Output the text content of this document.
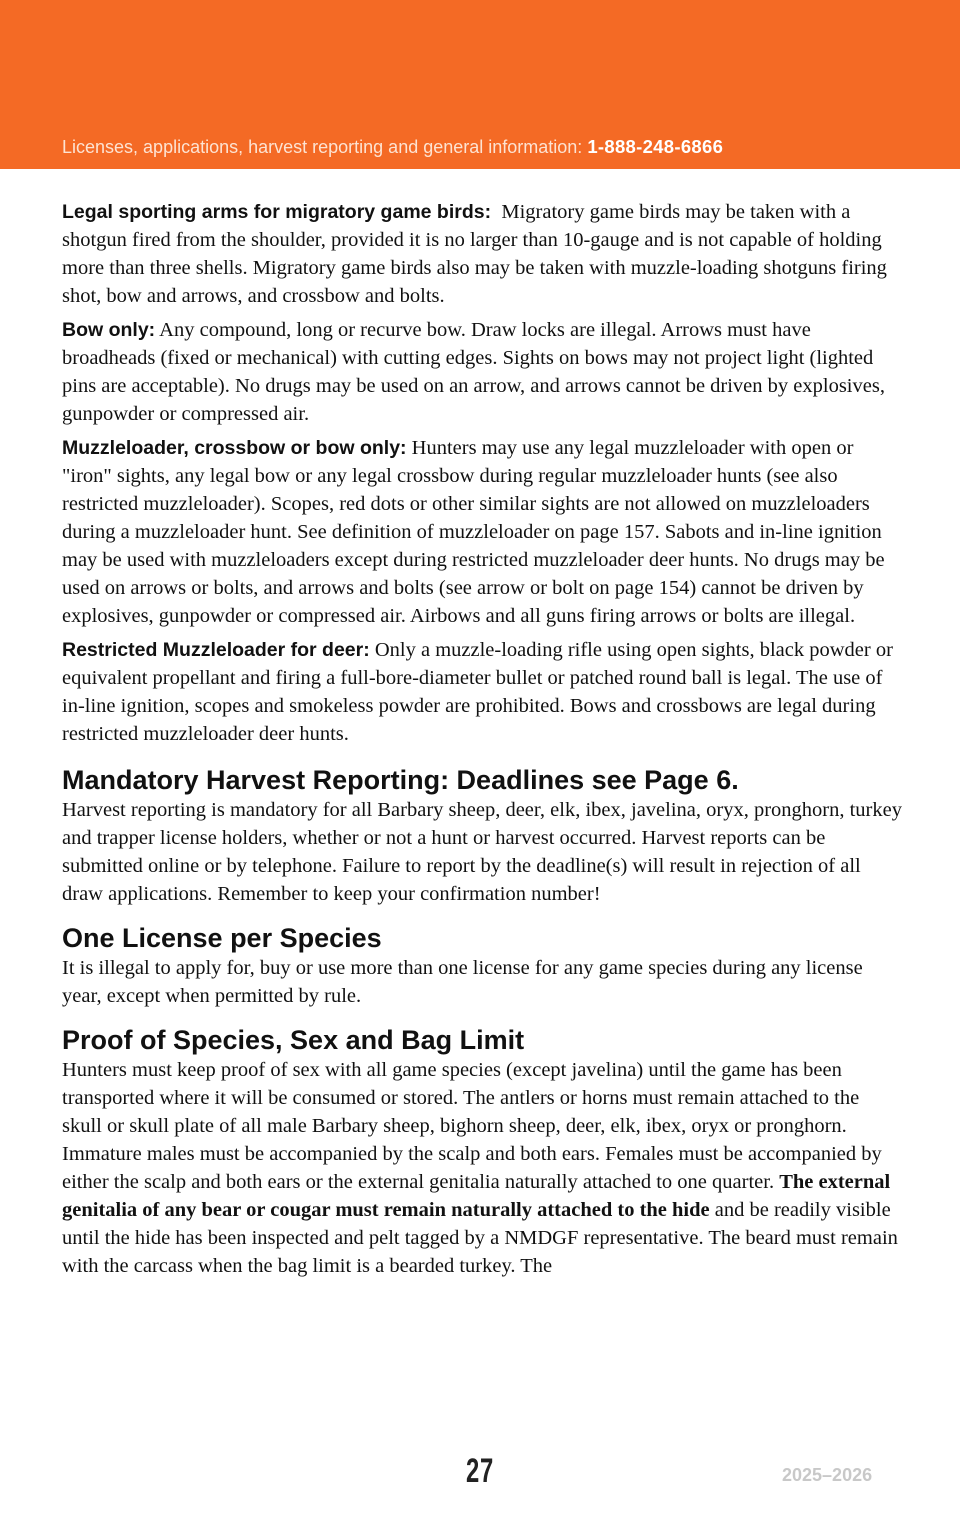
Licenses, applications, harvest reporting and general information: 1-888-248-6866

Legal sporting arms for migratory game birds: Migratory game birds may be taken with a shotgun fired from the shoulder, provided it is no larger than 10-gauge and is not capable of holding more than three shells. Migratory game birds also may be taken with muzzle-loading shotguns firing shot, bow and arrows, and crossbow and bolts.

Bow only: Any compound, long or recurve bow. Draw locks are illegal. Arrows must have broadheads (fixed or mechanical) with cutting edges. Sights on bows may not project light (lighted pins are acceptable). No drugs may be used on an arrow, and arrows cannot be driven by explosives, gunpowder or compressed air.

Muzzleloader, crossbow or bow only: Hunters may use any legal muzzleloader with open or "iron" sights, any legal bow or any legal crossbow during regular muzzleloader hunts (see also restricted muzzleloader). Scopes, red dots or other similar sights are not allowed on muzzleloaders during a muzzleloader hunt. See definition of muzzleloader on page 157. Sabots and in-line ignition may be used with muzzleloaders except during restricted muzzleloader deer hunts. No drugs may be used on arrows or bolts, and arrows and bolts (see arrow or bolt on page 154) cannot be driven by explosives, gunpowder or compressed air. Airbows and all guns firing arrows or bolts are illegal.

Restricted Muzzleloader for deer: Only a muzzle-loading rifle using open sights, black powder or equivalent propellant and firing a full-bore-diameter bullet or patched round ball is legal. The use of in-line ignition, scopes and smokeless powder are prohibited. Bows and crossbows are legal during restricted muzzleloader deer hunts.

Mandatory Harvest Reporting: Deadlines see Page 6.

Harvest reporting is mandatory for all Barbary sheep, deer, elk, ibex, javelina, oryx, pronghorn, turkey and trapper license holders, whether or not a hunt or harvest occurred. Harvest reports can be submitted online or by telephone. Failure to report by the deadline(s) will result in rejection of all draw applications. Remember to keep your confirmation number!

One License per Species

It is illegal to apply for, buy or use more than one license for any game species during any license year, except when permitted by rule.

Proof of Species, Sex and Bag Limit

Hunters must keep proof of sex with all game species (except javelina) until the game has been transported where it will be consumed or stored. The antlers or horns must remain attached to the skull or skull plate of all male Barbary sheep, bighorn sheep, deer, elk, ibex, oryx or pronghorn. Immature males must be accompanied by the scalp and both ears. Females must be accompanied by either the scalp and both ears or the external genitalia naturally attached to one quarter. The external genitalia of any bear or cougar must remain naturally attached to the hide and be readily visible until the hide has been inspected and pelt tagged by a NMDGF representative. The beard must remain with the carcass when the bag limit is a bearded turkey. The

27	2025–2026
